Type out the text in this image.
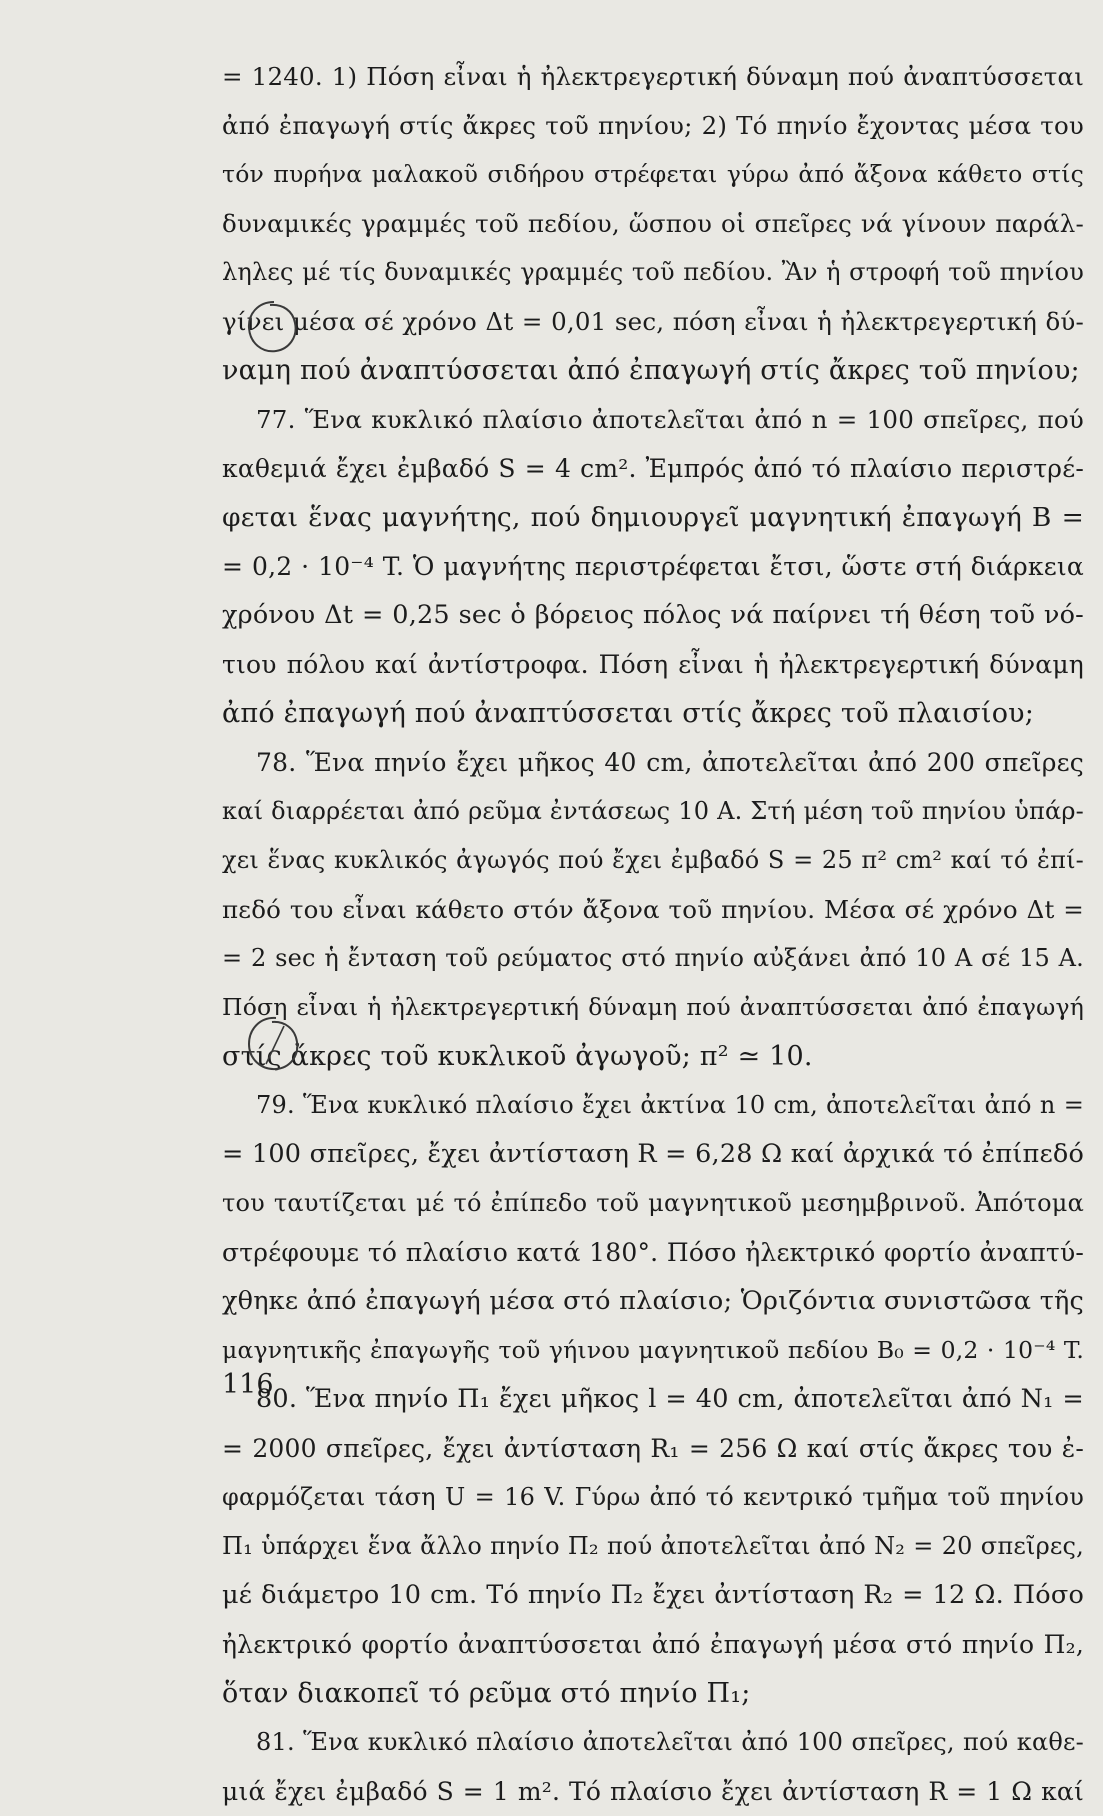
= 1240. 1) Πόση εἶναι ἡ ἠλεκτρεγερτική δύναμη πού ἀναπτύσσεται
ἀπό ἐπαγωγή στίς ἄκρες τοῦ πηνίου; 2) Τό πηνίο ἔχοντας μέσα του
τόν πυρήνα μαλακοῦ σιδήρου στρέφεται γύρω ἀπό ἄξονα κάθετο στίς
δυναμικές γραμμές τοῦ πεδίου, ὥσπου οἱ σπεῖρες νά γίνουν παράλ-
ληλες μέ τίς δυναμικές γραμμές τοῦ πεδίου. Ἂν ἡ στροφή τοῦ πηνίου
γίνει μέσα σέ χρόνο Δt = 0,01 sec, πόση εἶναι ἡ ἠλεκτρεγερτική δύ-
ναμη πού ἀναπτύσσεται ἀπό ἐπαγωγή στίς ἄκρες τοῦ πηνίου;
77. Ἕνα κυκλικό πλαίσιο ἀποτελεῖται ἀπό n = 100 σπεῖρες, πού
καθεμιά ἔχει ἐμβαδό S = 4 cm². Ἐμπρός ἀπό τό πλαίσιο περιστρέ-
φεται ἕνας μαγνήτης, πού δημιουργεῖ μαγνητική ἐπαγωγή B =
= 0,2 · 10⁻⁴ T. Ὁ μαγνήτης περιστρέφεται ἔτσι, ὥστε στή διάρκεια
χρόνου Δt = 0,25 sec ὁ βόρειος πόλος νά παίρνει τή θέση τοῦ νό-
τιου πόλου καί ἀντίστροφα. Πόση εἶναι ἡ ἠλεκτρεγερτική δύναμη
ἀπό ἐπαγωγή πού ἀναπτύσσεται στίς ἄκρες τοῦ πλαισίου;
78. Ἕνα πηνίο ἔχει μῆκος 40 cm, ἀποτελεῖται ἀπό 200 σπεῖρες
καί διαρρέεται ἀπό ρεῦμα ἐντάσεως 10 A. Στή μέση τοῦ πηνίου ὑπάρ-
χει ἕνας κυκλικός ἀγωγός πού ἔχει ἐμβαδό S = 25 π² cm² καί τό ἐπί-
πεδό του εἶναι κάθετο στόν ἄξονα τοῦ πηνίου. Μέσα σέ χρόνο Δt =
= 2 sec ἡ ἔνταση τοῦ ρεύματος στό πηνίο αὐξάνει ἀπό 10 A σέ 15 A.
Πόση εἶναι ἡ ἠλεκτρεγερτική δύναμη πού ἀναπτύσσεται ἀπό ἐπαγωγή
στίς ἄκρες τοῦ κυκλικοῦ ἀγωγοῦ; π² ≃ 10.
79. Ἕνα κυκλικό πλαίσιο ἔχει ἀκτίνα 10 cm, ἀποτελεῖται ἀπό n =
= 100 σπεῖρες, ἔχει ἀντίσταση R = 6,28 Ω καί ἀρχικά τό ἐπίπεδό
του ταυτίζεται μέ τό ἐπίπεδο τοῦ μαγνητικοῦ μεσημβρινοῦ. Ἀπότομα
στρέφουμε τό πλαίσιο κατά 180°. Πόσο ἠλεκτρικό φορτίο ἀναπτύ-
χθηκε ἀπό ἐπαγωγή μέσα στό πλαίσιο; Ὁριζόντια συνιστῶσα τῆς
μαγνητικῆς ἐπαγωγῆς τοῦ γήινου μαγνητικοῦ πεδίου B₀ = 0,2 · 10⁻⁴ T.
80. Ἕνα πηνίο Π₁ ἔχει μῆκος l = 40 cm, ἀποτελεῖται ἀπό N₁ =
= 2000 σπεῖρες, ἔχει ἀντίσταση R₁ = 256 Ω καί στίς ἄκρες του ἐ-
φαρμόζεται τάση U = 16 V. Γύρω ἀπό τό κεντρικό τμῆμα τοῦ πηνίου
Π₁ ὑπάρχει ἕνα ἄλλο πηνίο Π₂ πού ἀποτελεῖται ἀπό N₂ = 20 σπεῖρες,
μέ διάμετρο 10 cm. Τό πηνίο Π₂ ἔχει ἀντίσταση R₂ = 12 Ω. Πόσο
ἠλεκτρικό φορτίο ἀναπτύσσεται ἀπό ἐπαγωγή μέσα στό πηνίο Π₂,
ὅταν διακοπεῖ τό ρεῦμα στό πηνίο Π₁;
81. Ἕνα κυκλικό πλαίσιο ἀποτελεῖται ἀπό 100 σπεῖρες, πού καθε-
μιά ἔχει ἐμβαδό S = 1 m². Τό πλαίσιο ἔχει ἀντίσταση R = 1 Ω καί
116
